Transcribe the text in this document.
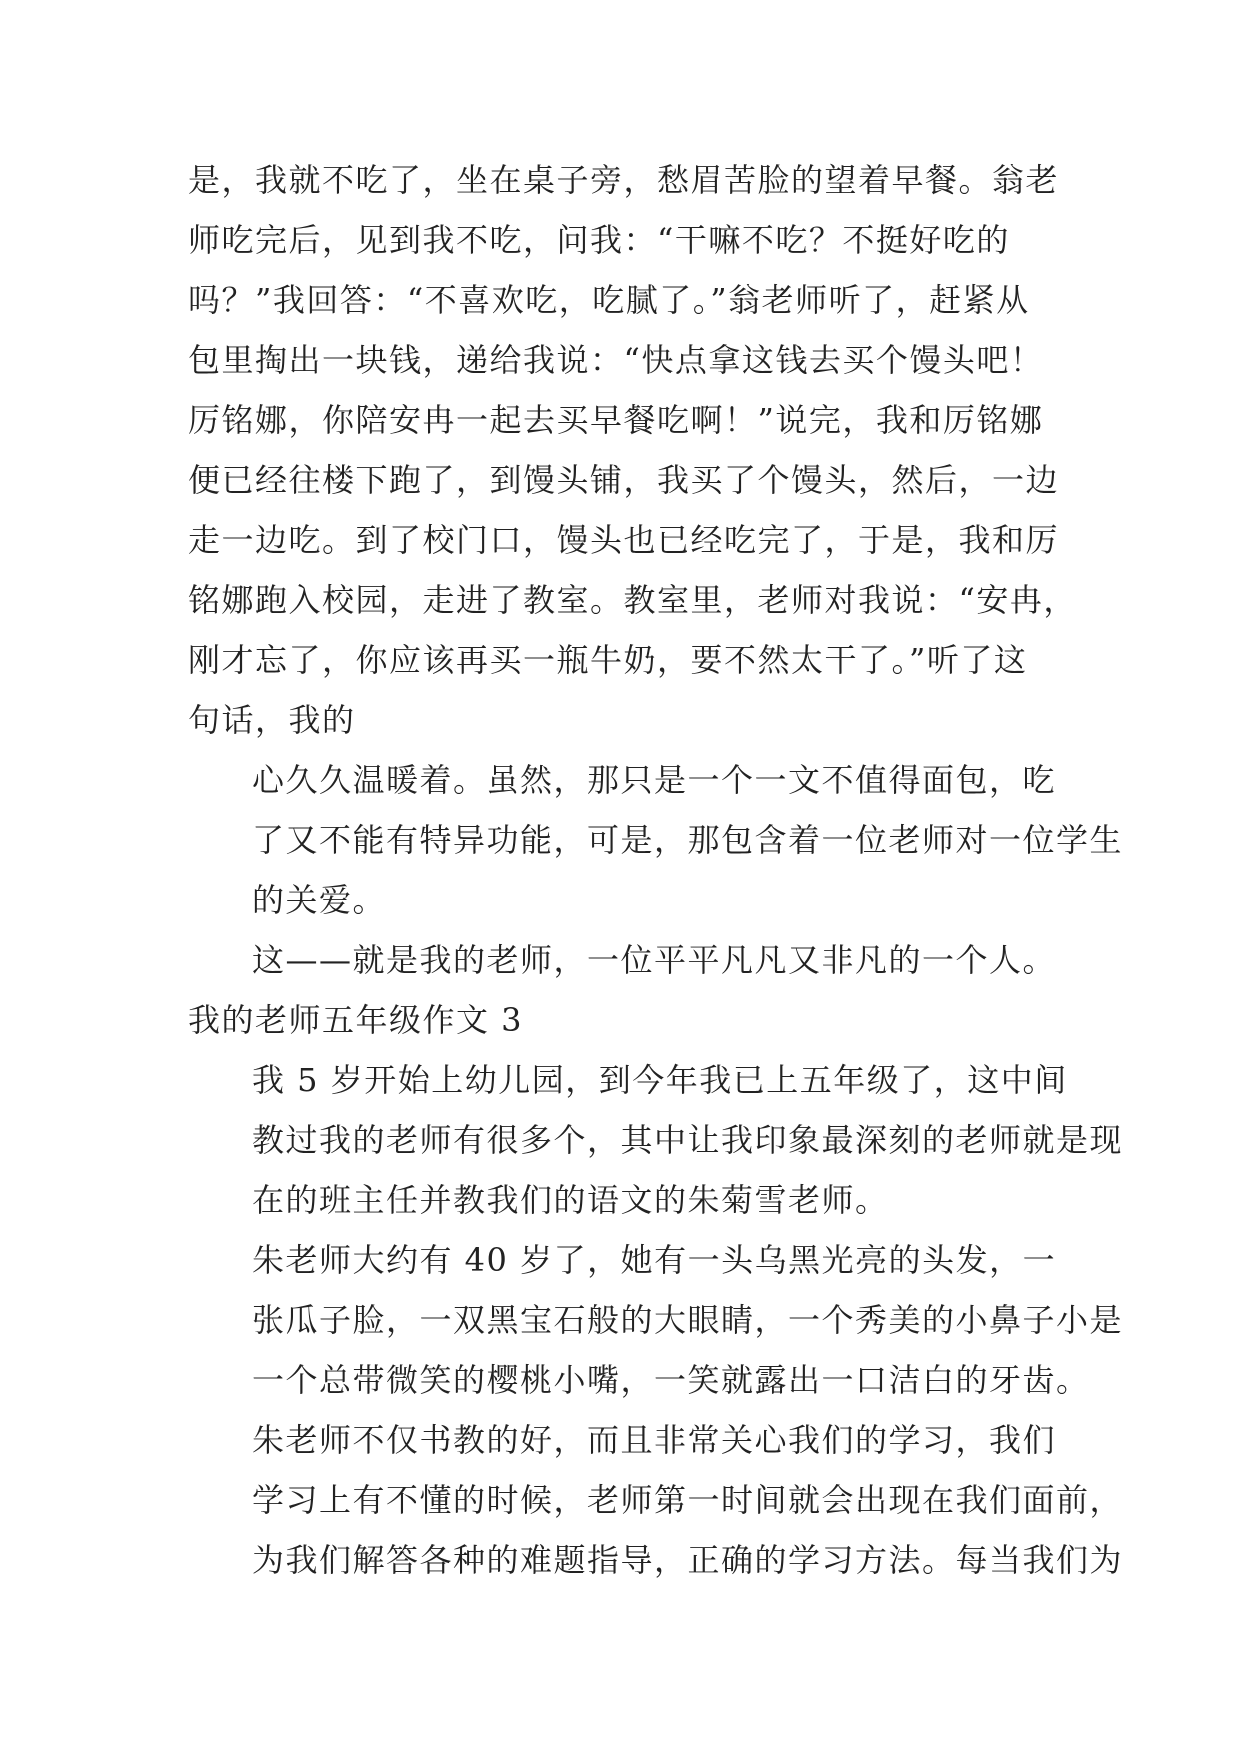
是，我就不吃了，坐在桌子旁，愁眉苦脸的望着早餐。翁老
师吃完后，见到我不吃，问我：“干嘛不吃？不挺好吃的
吗？”我回答：“不喜欢吃，吃腻了。”翁老师听了，赶紧从
包里掏出一块钱，递给我说：“快点拿这钱去买个馒头吧！
厉铭娜，你陪安冉一起去买早餐吃啊！”说完，我和厉铭娜
便已经往楼下跑了，到馒头铺，我买了个馒头，然后，一边
走一边吃。到了校门口，馒头也已经吃完了，于是，我和厉
铭娜跑入校园，走进了教室。教室里，老师对我说：“安冉，
刚才忘了，你应该再买一瓶牛奶，要不然太干了。”听了这
句话，我的

心久久温暖着。虽然，那只是一个一文不值得面包，吃
了又不能有特异功能，可是，那包含着一位老师对一位学生
的关爱。

这——就是我的老师，一位平平凡凡又非凡的一个人。

我的老师五年级作文 3

我 5 岁开始上幼儿园，到今年我已上五年级了，这中间
教过我的老师有很多个，其中让我印象最深刻的老师就是现
在的班主任并教我们的语文的朱菊雪老师。

朱老师大约有 40 岁了，她有一头乌黑光亮的头发，一
张瓜子脸，一双黑宝石般的大眼睛，一个秀美的小鼻子小是
一个总带微笑的樱桃小嘴，一笑就露出一口洁白的牙齿。

朱老师不仅书教的好，而且非常关心我们的学习，我们
学习上有不懂的时候，老师第一时间就会出现在我们面前，
为我们解答各种的难题指导，正确的学习方法。每当我们为
